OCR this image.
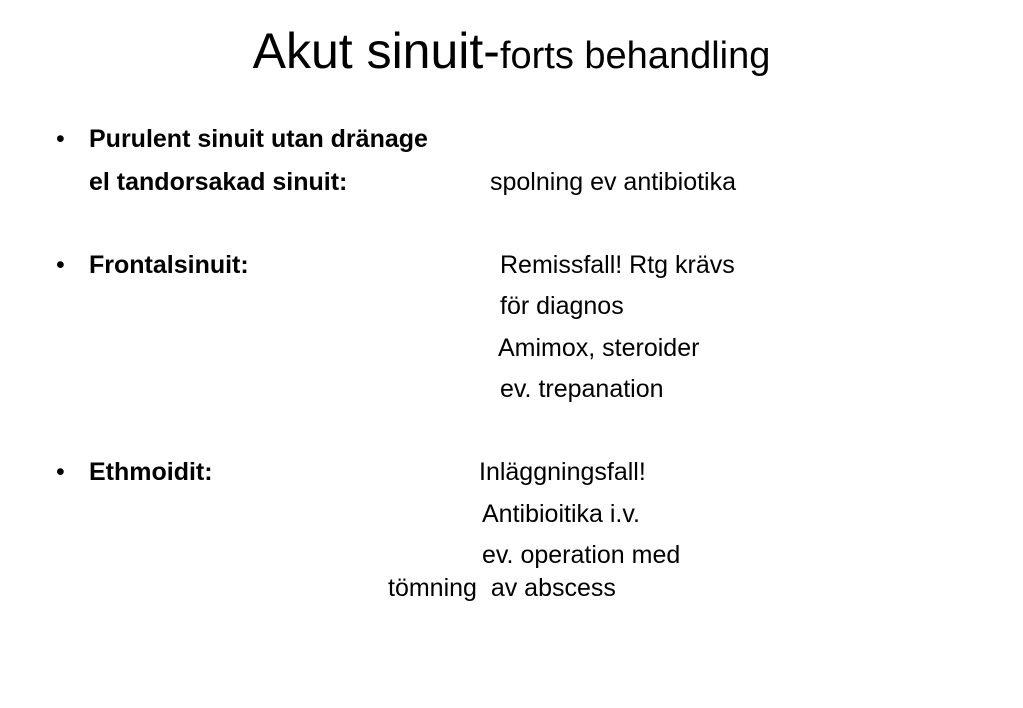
Akut sinuit-forts behandling
• Purulent sinuit utan dränage
el tandorsakad sinuit:	spolning ev antibiotika
• Frontalsinuit:	Remissfall! Rtg krävs
för diagnos
Amimox, steroider
ev. trepanation
• Ethmoidit:	Inläggningsfall!
Antibioitika i.v.
ev. operation med
tömning  av abscess
